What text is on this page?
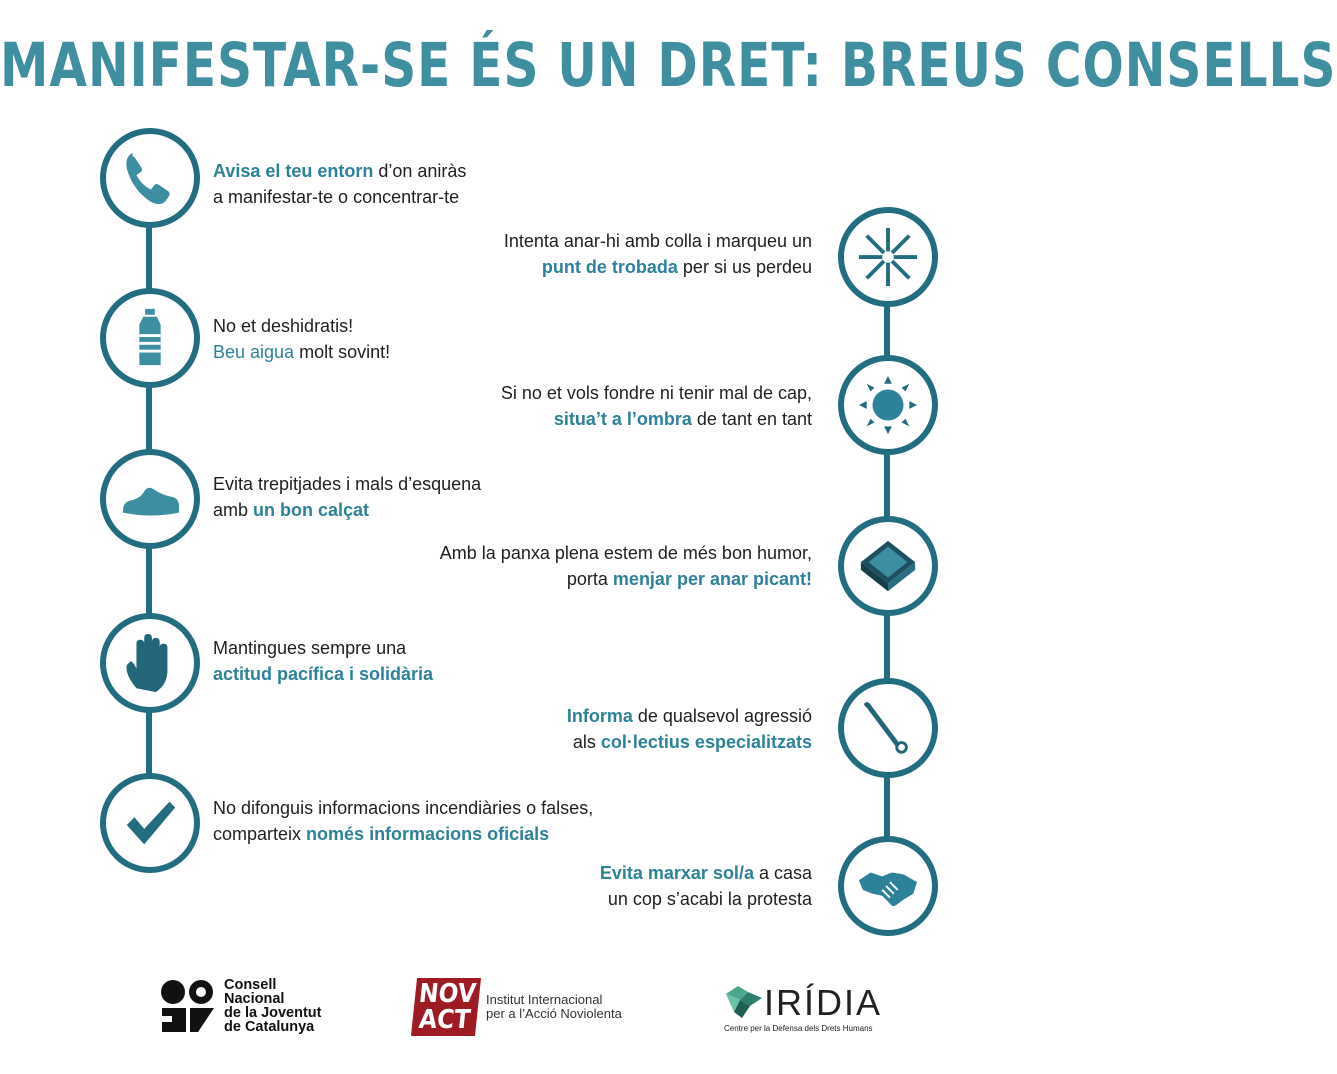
MANIFESTAR-SE ÉS UN DRET: BREUS CONSELLS
Avisa el teu entorn d’on aniràs
a manifestar-te o concentrar-te
No et deshidratis!
Beu aigua molt sovint!
Evita trepitjades i mals d’esquena
amb un bon calçat
Mantingues sempre una
actitud pacífica i solidària
No difonguis informacions incendiàries o falses,
comparteix només informacions oficials
Intenta anar-hi amb colla i marqueu un
punt de trobada per si us perdeu
Si no et vols fondre ni tenir mal de cap,
situa’t a l’ombra de tant en tant
Amb la panxa plena estem de més bon humor,
porta menjar per anar picant!
Informa de qualsevol agressió
als col·lectius especialitzats
Evita marxar sol/a a casa
un cop s’acabi la protesta
Consell
Nacional
de la Joventut
de Catalunya
NOV
ACT
Institut Internacional
per a l’Acció Noviolenta	IRÍDIA
Centre per la Defensa dels Drets Humans
